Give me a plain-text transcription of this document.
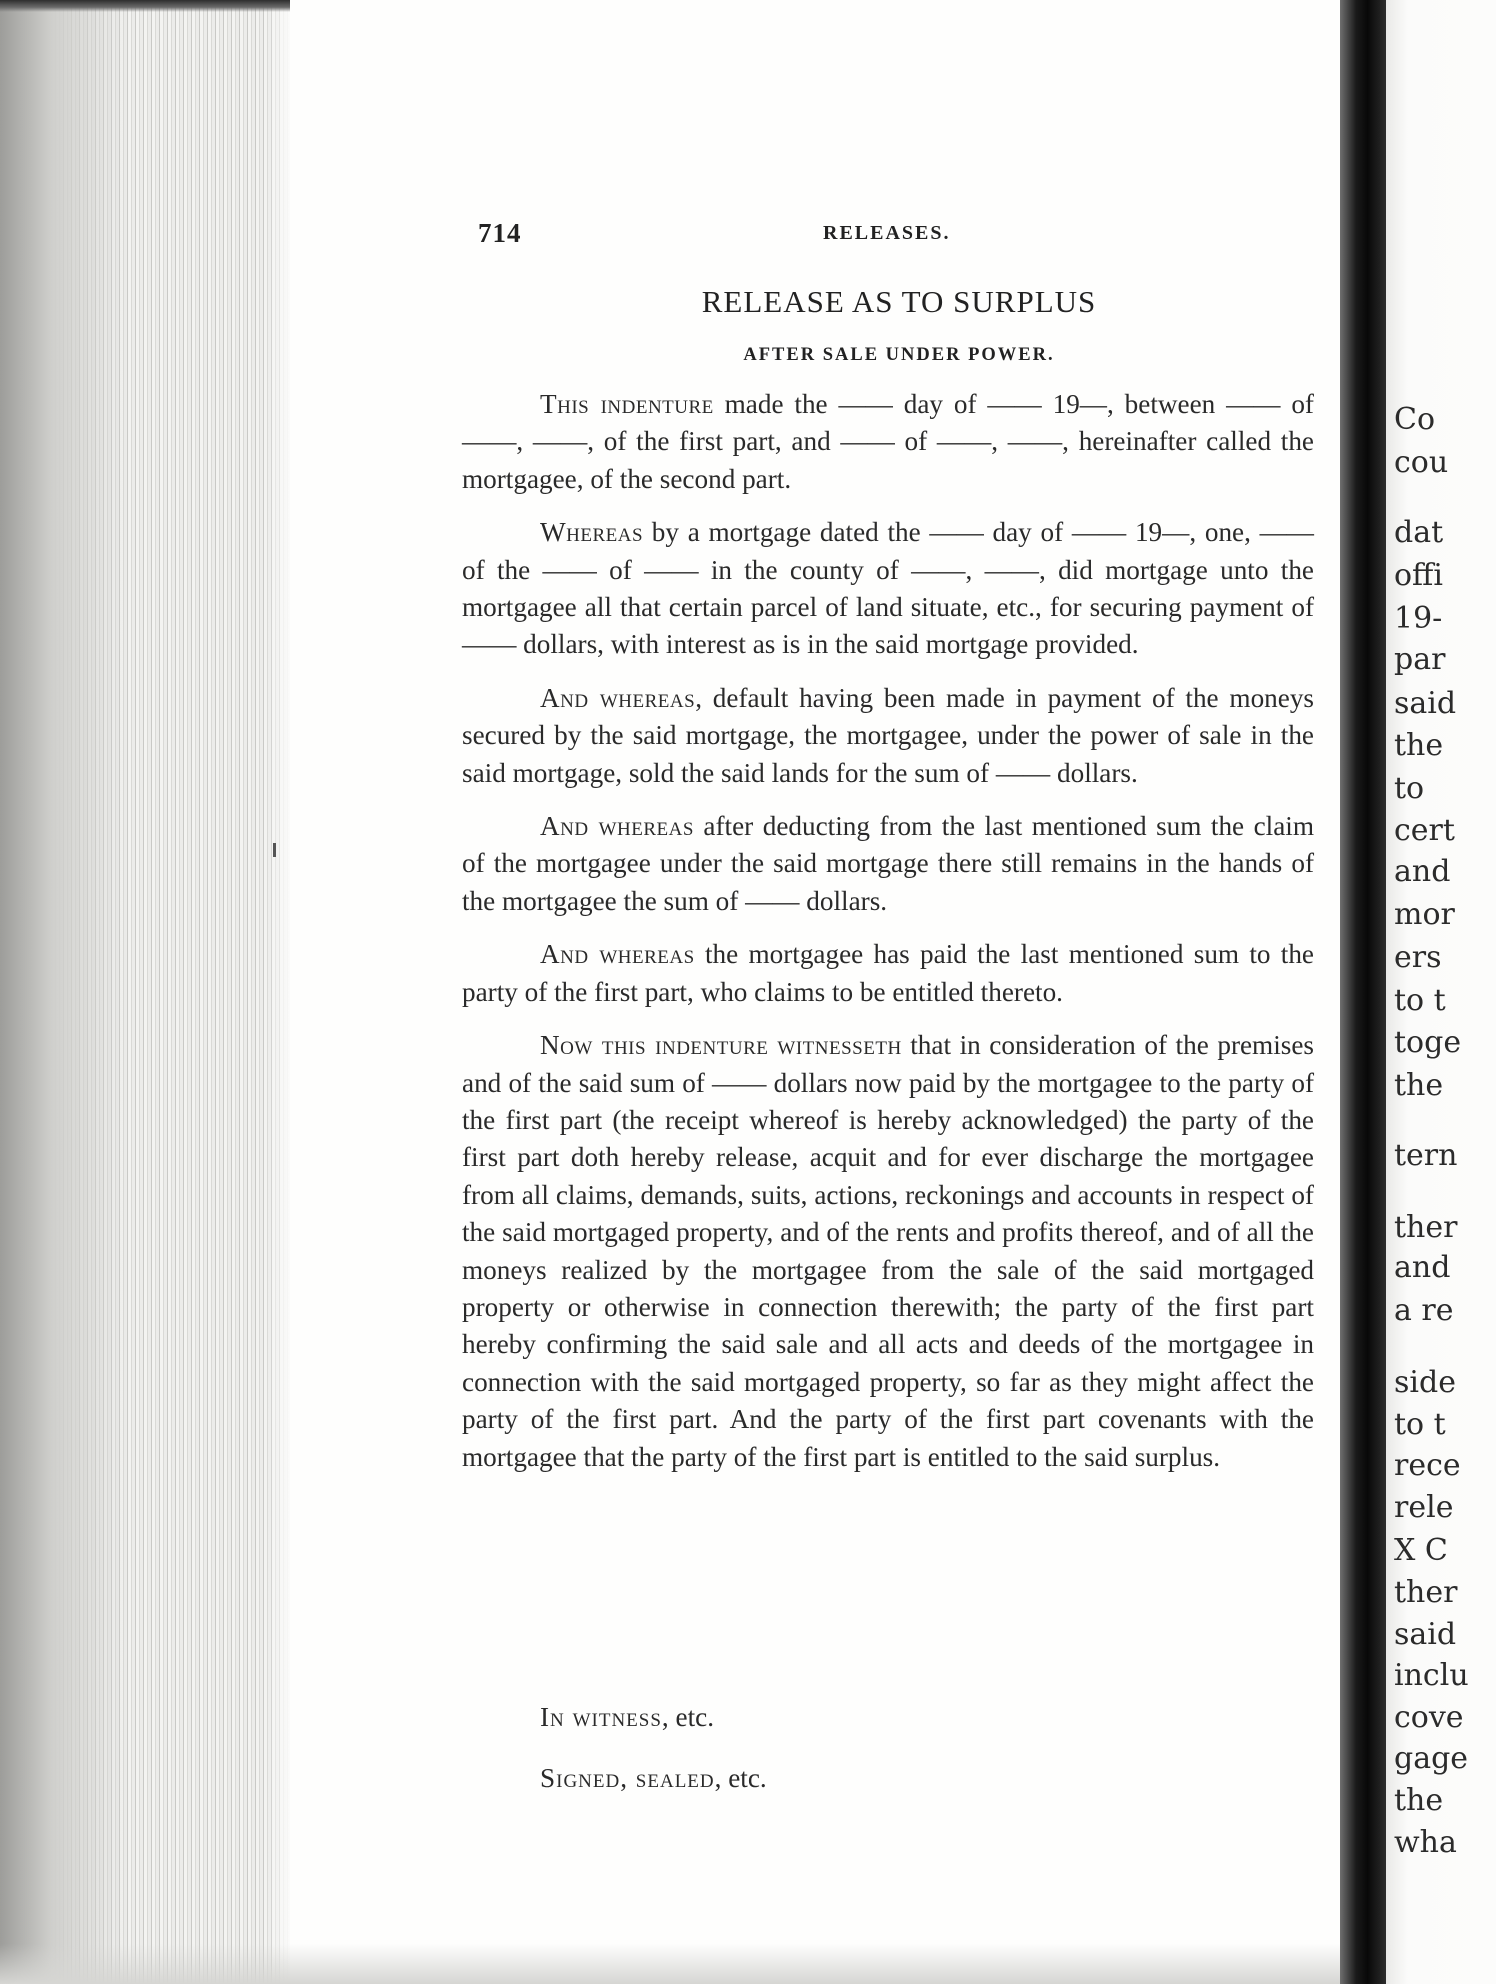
714	RELEASES.
RELEASE AS TO SURPLUS
AFTER SALE UNDER POWER.

This indenture made the —— day of —— 19—, between —— of ——, ——, of the first part, and —— of ——, ——, hereinafter called the mortgagee, of the second part.

Whereas by a mortgage dated the —— day of —— 19—, one, —— of the —— of —— in the county of ——, ——, did mortgage unto the mortgagee all that certain parcel of land situate, etc., for securing payment of —— dollars, with interest as is in the said mortgage provided.

And whereas, default having been made in payment of the moneys secured by the said mortgage, the mortgagee, under the power of sale in the said mortgage, sold the said lands for the sum of —— dollars.

And whereas after deducting from the last mentioned sum the claim of the mortgagee under the said mortgage there still remains in the hands of the mortgagee the sum of —— dollars.

And whereas the mortgagee has paid the last mentioned sum to the party of the first part, who claims to be entitled thereto.

Now this indenture witnesseth that in consideration of the premises and of the said sum of —— dollars now paid by the mortgagee to the party of the first part (the receipt whereof is hereby acknowledged) the party of the first part doth hereby release, acquit and for ever discharge the mortgagee from all claims, demands, suits, actions, reckonings and accounts in respect of the said mortgaged property, and of the rents and profits thereof, and of all the moneys realized by the mortgagee from the sale of the said mortgaged property or otherwise in connection therewith; the party of the first part hereby confirming the said sale and all acts and deeds of the mortgagee in connection with the said mortgaged property, so far as they might affect the party of the first part. And the party of the first part covenants with the mortgagee that the party of the first part is entitled to the said surplus.

In witness, etc.
Signed, sealed, etc.
Co
cou
dat
offi
19-
par
said
the
to
cert
and
mor
ers
to t
toge
the
tern
ther
and
a re
side
to t
rece
rele
X C
ther
said
inclu
cove
gage
the
wha
